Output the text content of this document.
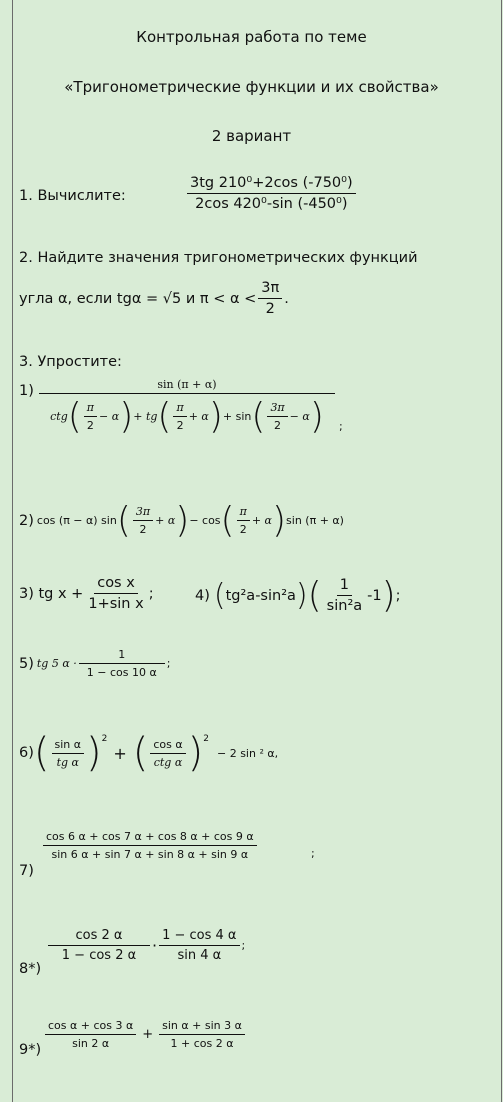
Контрольная работа по теме
«Тригонометрические функции и их свойства»
2 вариант
1. Вычислите:	$\frac{\text{3tg 210⁰+2cos (-750⁰)}}{\text{2cos 420⁰-sin (-450⁰)}}$
2. Найдите значения тригонометрических функций
угла α, если tgα = √5 и $\pi < \alpha < \frac{3\pi}{2}$ .
3. Упростите:
1)	sin (π + α)
ctg ( $\frac{\pi}{2} - \alpha$ ) + tg ( $\frac{\pi}{2} + \alpha$ ) + sin ( $\frac{3\pi}{2} - \alpha$ ) ;
2) cos (π − α) sin ( $\frac{3\pi}{2} + \alpha$ ) − cos ( $\frac{\pi}{2} + \alpha$ ) sin (π + α)
3) tg $x + \frac{\text{cos x}}{\text{1+sin x}}$ ;	4) ( tg²a-sin²a ) ( $\frac{1}{\text{sin²a}} -1$ ) ;
5) tg 5 $\alpha \cdot \frac{1}{1 - \cos 10 \alpha}$ ;
6) ( $\frac{\text{sin α}}{\text{tg α}} )^2$
+ ( $\frac{\text{cos α}}{\text{ctg α}} )^2$
− 2 sin ² α,
7)
$\frac{\cos 6 \alpha + \cos 7 \alpha + \cos 8 \alpha + \cos 9 \alpha}{\sin 6 \alpha + \sin 7 \alpha + \sin 8 \alpha + \sin 9 \alpha}$	;
8*)
$\frac{\cos 2 \alpha}{1 - \cos 2 \alpha} \cdot \frac{1 - \cos 4 \alpha}{\sin 4 \alpha}$ ;
$9*) \frac{\text{cos α + cos 3 α}}{\sin 2 \alpha} + \frac{\text{sin α + sin 3 α}}{1 + \cos 2 \alpha}$
